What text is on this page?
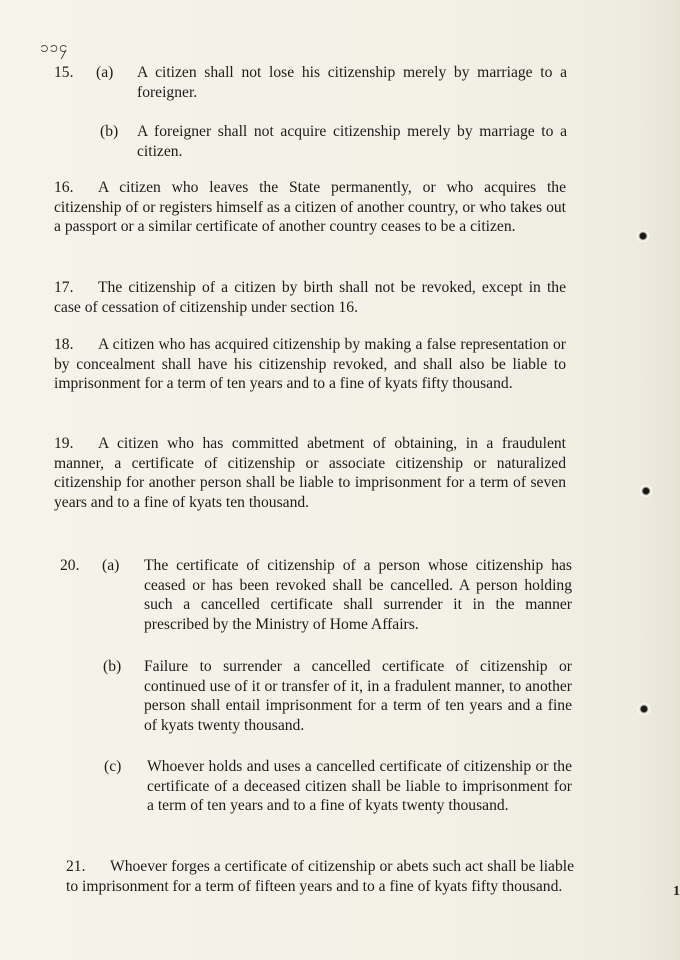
၁၁၄
15. (a) A citizen shall not lose his citizenship merely by marriage to a foreigner.
(b) A foreigner shall not acquire citizenship merely by marriage to a citizen.
16. A citizen who leaves the State permanently, or who acquires the citizenship of or registers himself as a citizen of another country, or who takes out a passport or a similar certificate of another country ceases to be a citizen.
17. The citizenship of a citizen by birth shall not be revoked, except in the case of cessation of citizenship under section 16.
18. A citizen who has acquired citizenship by making a false representation or by concealment shall have his citizenship revoked, and shall also be liable to imprisonment for a term of ten years and to a fine of kyats fifty thousand.
19. A citizen who has committed abetment of obtaining, in a fraudulent manner, a certificate of citizenship or associate citizenship or naturalized citizenship for another person shall be liable to imprisonment for a term of seven years and to a fine of kyats ten thousand.
20. (a) The certificate of citizenship of a person whose citizenship has ceased or has been revoked shall be cancelled. A person holding such a cancelled certificate shall surrender it in the manner prescribed by the Ministry of Home Affairs.
(b) Failure to surrender a cancelled certificate of citizenship or continued use of it or transfer of it, in a fradulent manner, to another person shall entail imprisonment for a term of ten years and a fine of kyats twenty thousand.
(c) Whoever holds and uses a cancelled certificate of citizenship or the certificate of a deceased citizen shall be liable to imprisonment for a term of ten years and to a fine of kyats twenty thousand.
21. Whoever forges a certificate of citizenship or abets such act shall be liable to imprisonment for a term of fifteen years and to a fine of kyats fifty thousand.	1
